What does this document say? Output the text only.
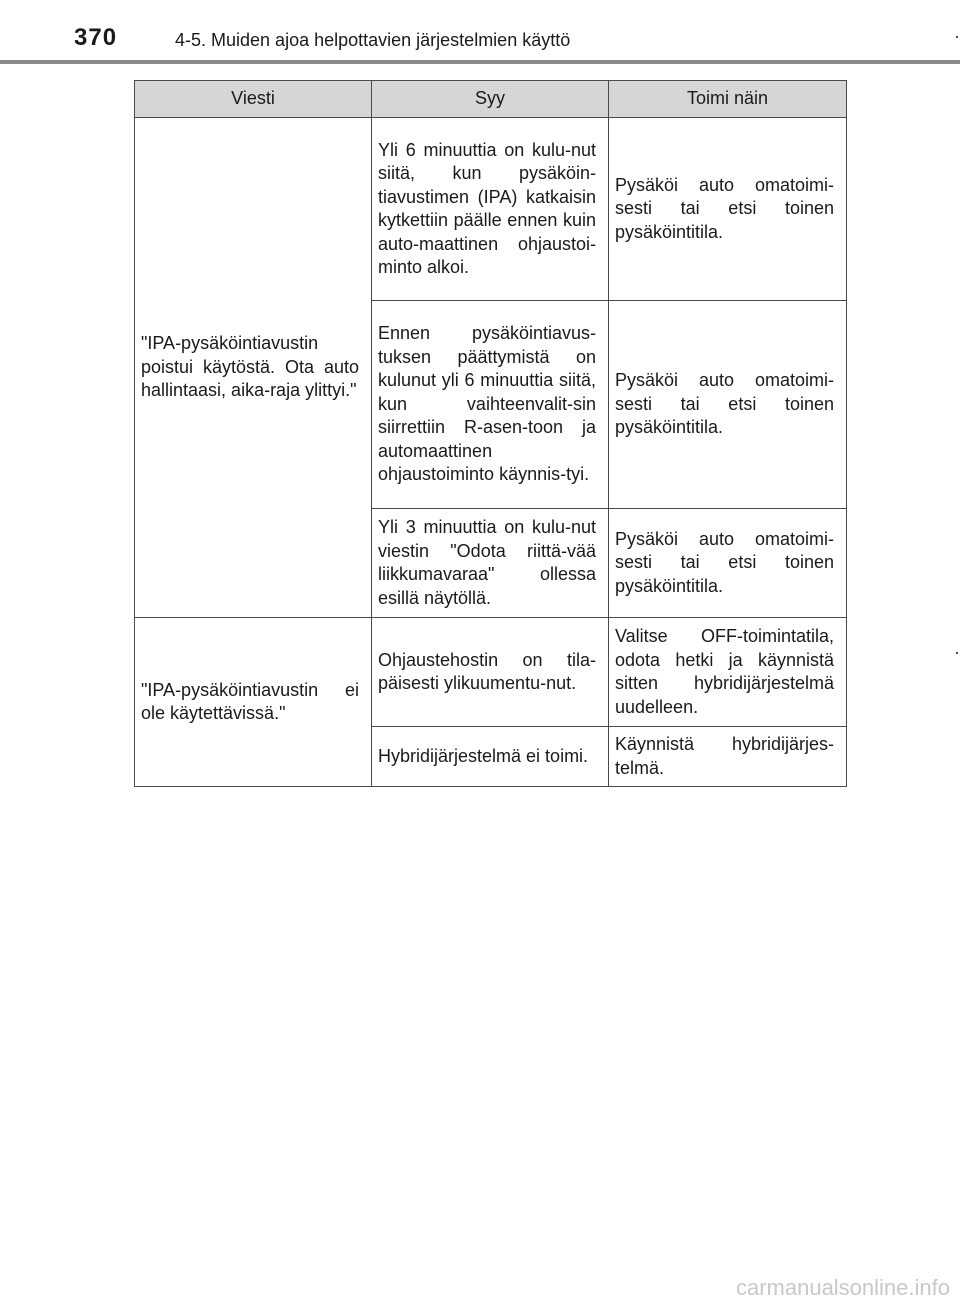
370	4-5. Muiden ajoa helpottavien järjestelmien käyttö
Viesti	Syy	Toimi näin
"IPA-pysäköintiavustin poistui käytöstä. Ota auto hallintaasi, aika-raja ylittyi."	Yli 6 minuuttia on kulu-nut siitä, kun pysäköin-tiavustimen (IPA) katkaisin kytkettiin päälle ennen kuin auto-maattinen ohjaustoi-minto alkoi.	Pysäköi auto omatoimi-sesti tai etsi toinen pysäköintitila.
	Ennen pysäköintiavus-tuksen päättymistä on kulunut yli 6 minuuttia siitä, kun vaihteenvalit-sin siirrettiin R-asen-toon ja automaattinen ohjaustoiminto käynnis-tyi.	Pysäköi auto omatoimi-sesti tai etsi toinen pysäköintitila.
	Yli 3 minuuttia on kulu-nut viestin "Odota riittä-vää liikkumavaraa" ollessa esillä näytöllä.	Pysäköi auto omatoimi-sesti tai etsi toinen pysäköintitila.
"IPA-pysäköintiavustin ei ole käytettävissä."	Ohjaustehostin on tila-päisesti ylikuumentu-nut.	Valitse OFF-toimintatila, odota hetki ja käynnistä sitten hybridijärjestelmä uudelleen.
	Hybridijärjestelmä ei toimi.	Käynnistä hybridijärjes-telmä.
carmanualsonline.info
